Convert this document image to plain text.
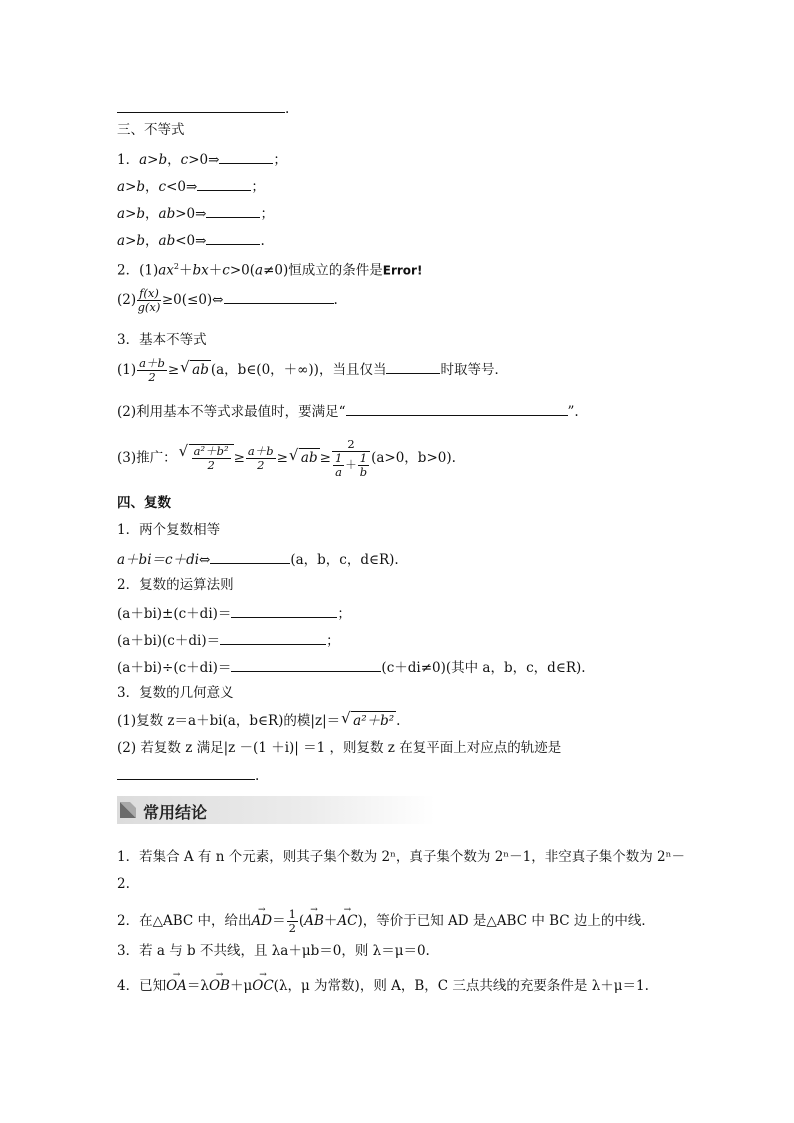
.
三、不等式
1．a>b，c>0⇒	；
a>b，c<0⇒	；
a>b，ab>0⇒	；
a>b，ab<0⇒	.
2．$(1)ax^2+bx+c>0(a\ne 0)$恒成立的条件是Error!
$(2) \frac{f(x)}{g(x)}$ ≥0(≤0)⇔	.
3．基本不等式
$(1) \frac{a+b}{2}$ ≥ √ ab (a，b∈(0，＋∞))，当且仅当	时取等号．
(2)利用基本不等式求最值时，要满足“	”.
(3)推广： √ $\frac{\text{a²＋b²}}{2} \ge \frac{a+b}{2}$ ≥ √ ab ≥ $\frac{2}{\frac{1}{a} + \frac{1}{b}} (a>0$，b>0).
四、复数
1．两个复数相等
a＋bi＝c＋di⇔	(a，b，c，d∈R).
2．复数的运算法则
(a＋bi)±(c＋di)＝	；
(a＋bi)(c＋di)＝	；
(a＋bi)÷(c＋di)＝	(c＋di≠0)(其中 a，b，c，d∈R).
3．复数的几何意义
(1)复数 z＝a＋bi(a，b∈R)的模|z|＝ √ a²＋b² .
(2) 若复数 z 满足|z －(1 ＋i)| ＝1 ，则复数 z 在复平面上对应点的轨迹是
.
常用结论
1．若集合 A 有 n 个元素，则其子集个数为 2ⁿ，真子集个数为 2ⁿ－1，非空真子集个数为 2ⁿ－
2.
2．在△ABC 中，给出→ $AD= \frac{1}{2}$ (→ AB＋→ AC)，等价于已知 AD 是△ABC 中 BC 边上的中线．
3．若 a 与 b 不共线，且 λa＋μb＝0，则 λ＝μ＝0.
4．已知→ OA＝λ→ OB＋μ→ OC(λ，μ 为常数)，则 A，B，C 三点共线的充要条件是 λ＋μ＝1.
